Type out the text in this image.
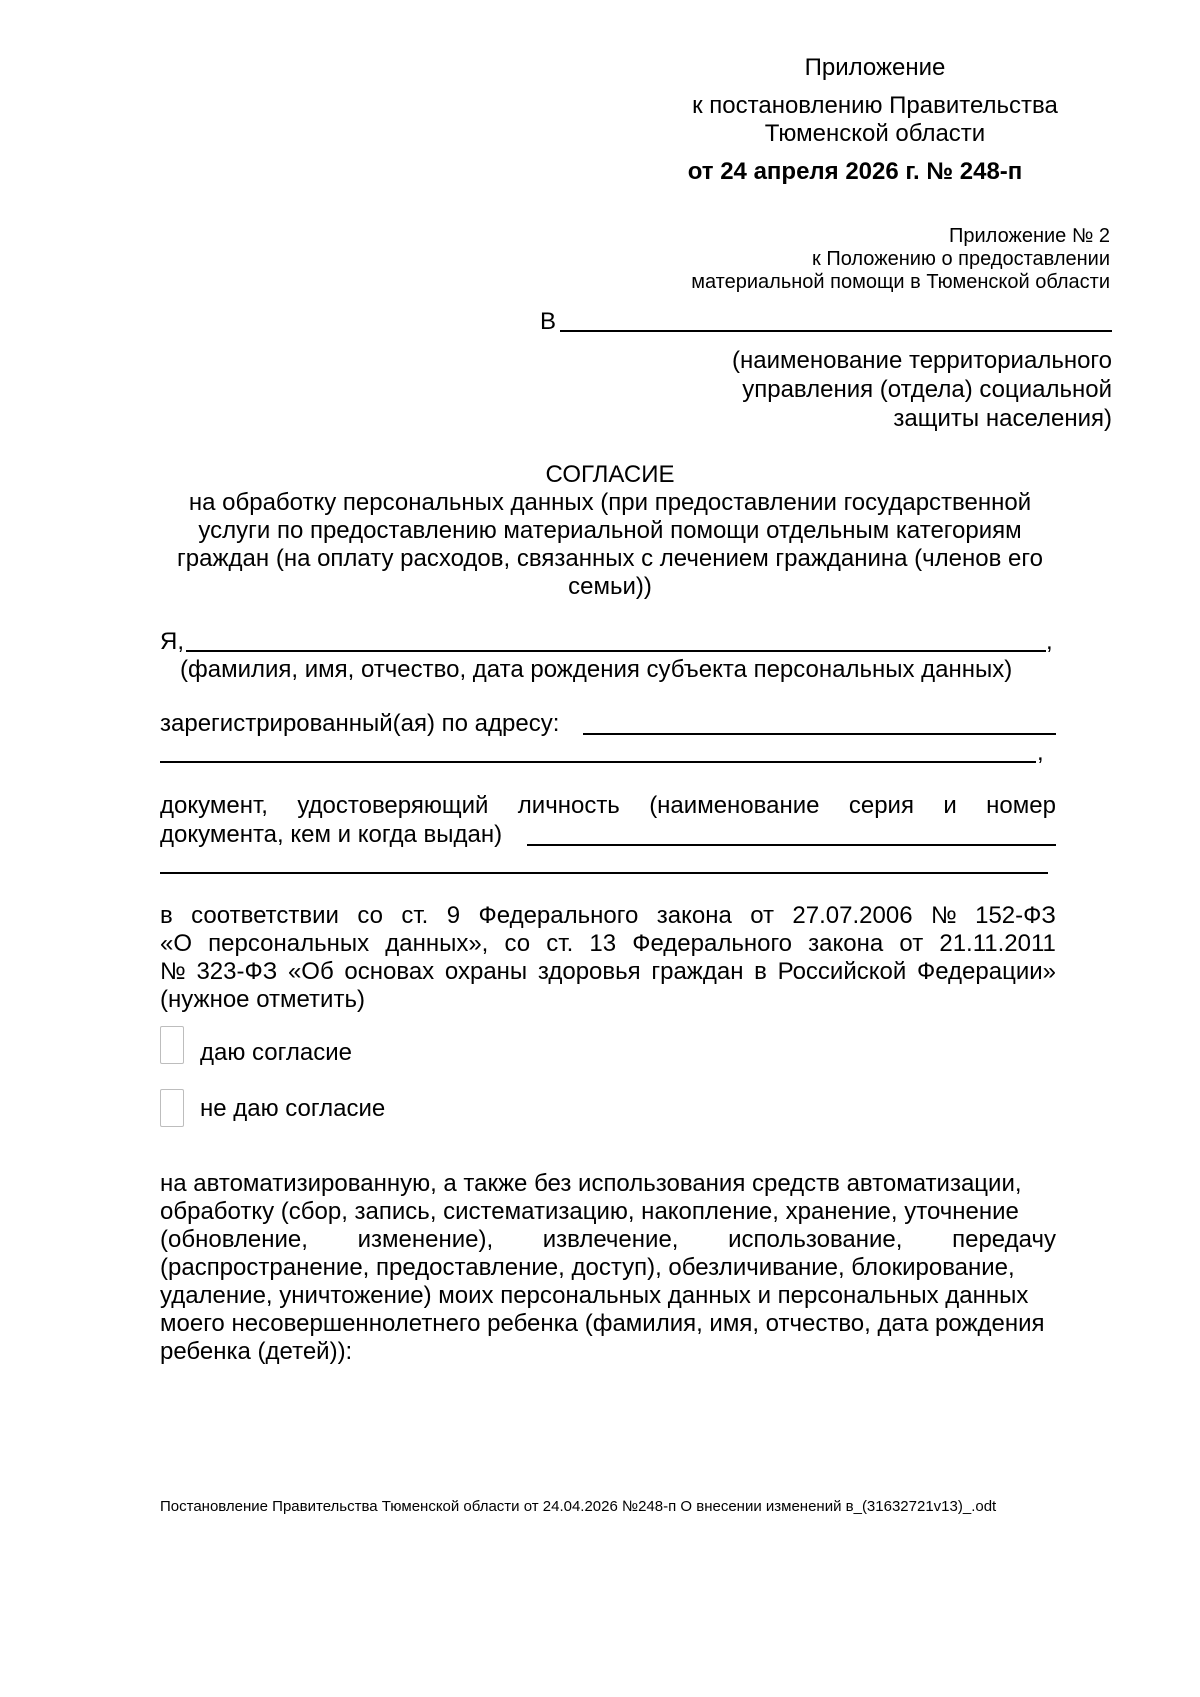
Приложение
к постановлению Правительства
Тюменской области
от 24 апреля 2026 г. № 248-п
Приложение № 2
к Положению о предоставлении
материальной помощи в Тюменской области
В
(наименование территориального
управления (отдела) социальной
защиты населения)
СОГЛАСИЕ
на обработку персональных данных (при предоставлении государственной
услуги по предоставлению материальной помощи отдельным категориям
граждан (на оплату расходов, связанных с лечением гражданина (членов его
семьи))
Я,	,
(фамилия, имя, отчество, дата рождения субъекта персональных данных)
зарегистрированный(ая) по адресу:
,
документ, удостоверяющий личность (наименование серия и номер
документа, кем и когда выдан)
в соответствии со ст. 9 Федерального закона от 27.07.2006 № 152-ФЗ
«О персональных данных», со ст. 13 Федерального закона от 21.11.2011
№ 323-ФЗ «Об основах охраны здоровья граждан в Российской Федерации»
(нужное отметить)
даю согласие
не даю согласие
на автоматизированную, а также без использования средств автоматизации,
обработку (сбор, запись, систематизацию, накопление, хранение, уточнение
(обновление, изменение), извлечение, использование, передачу
(распространение, предоставление, доступ), обезличивание, блокирование,
удаление, уничтожение) моих персональных данных и персональных данных
моего несовершеннолетнего ребенка (фамилия, имя, отчество, дата рождения
ребенка (детей)):
Постановление Правительства Тюменской области от 24.04.2026 №248-п О внесении изменений в_(31632721v13)_.odt
